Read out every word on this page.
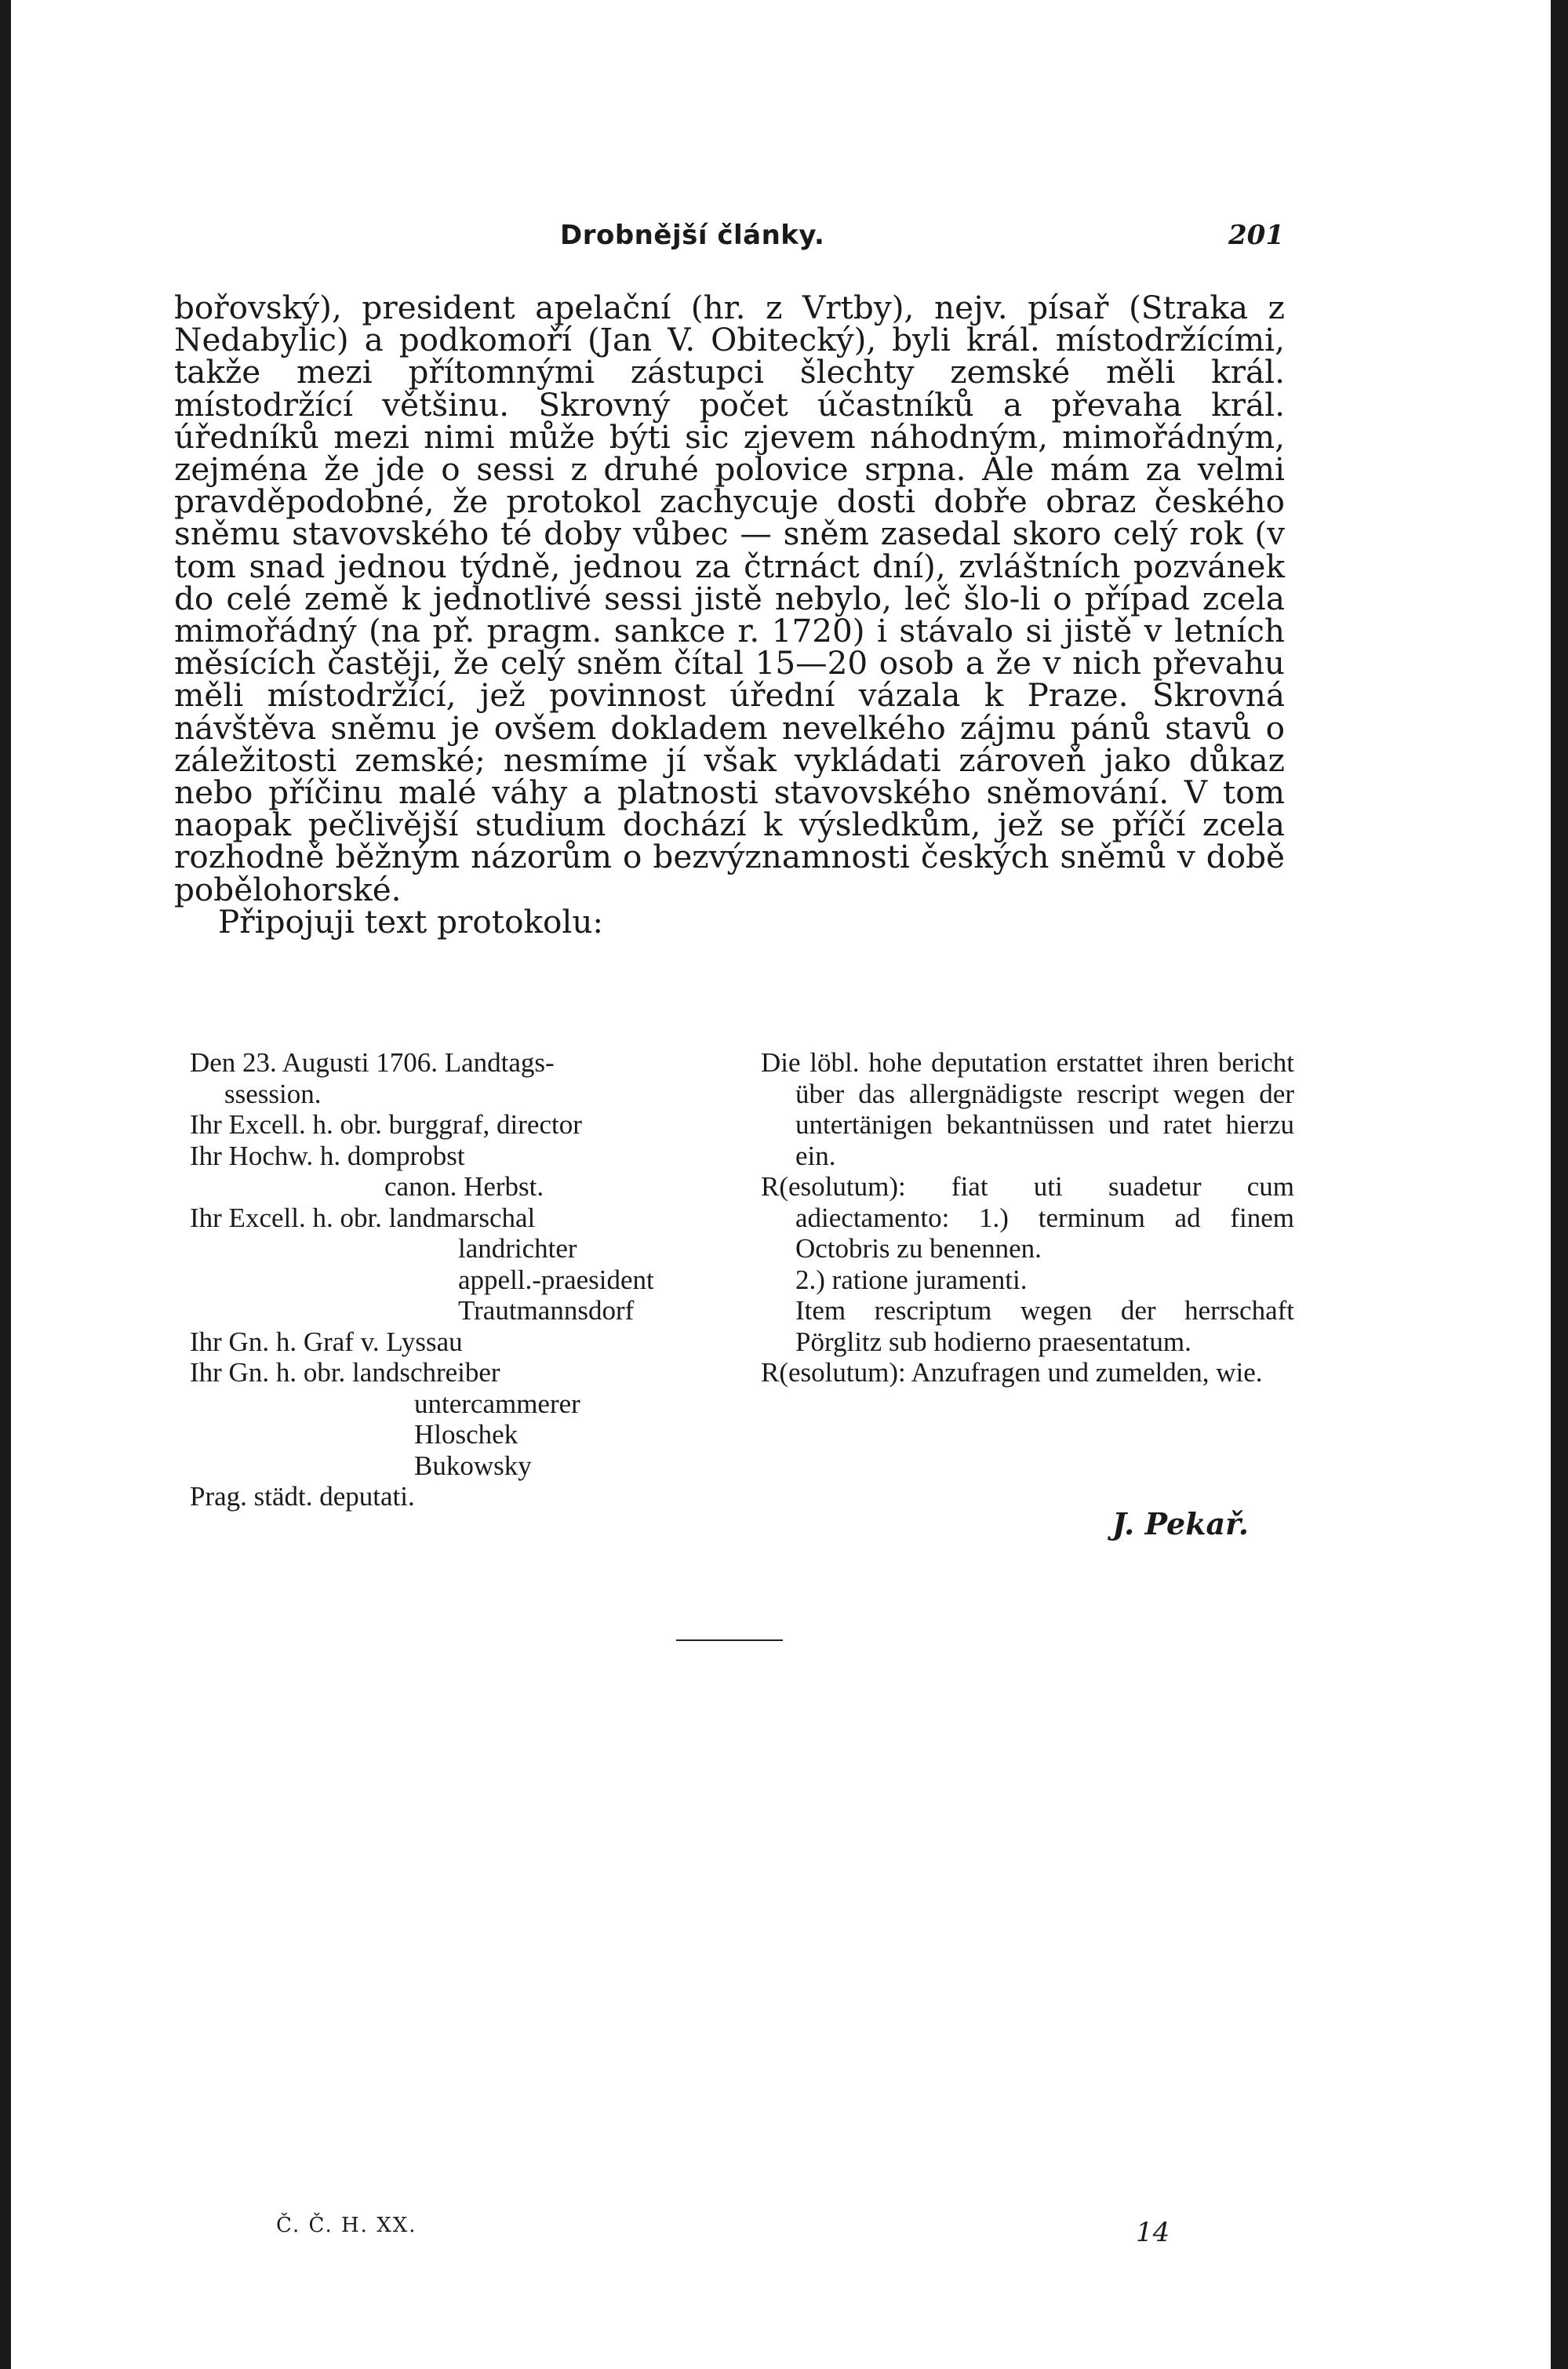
Drobnější články.	201

bořovský), president apelační (hr. z Vrtby), nejv. písař (Straka z Nedabylic) a podkomoří (Jan V. Obitecký), byli král. místodržícími, takže mezi přítomnými zástupci šlechty zemské měli král. místodržící většinu. Skrovný počet účastníků a převaha král. úředníků mezi nimi může býti sic zjevem náhodným, mimořádným, zejména že jde o sessi z druhé polovice srpna. Ale mám za velmi pravděpodobné, že protokol zachycuje dosti dobře obraz českého sněmu stavovského té doby vůbec — sněm zasedal skoro celý rok (v tom snad jednou týdně, jednou za čtrnáct dní), zvláštních pozvánek do celé země k jednotlivé sessi jistě nebylo, leč šlo-li o případ zcela mimořádný (na př. pragm. sankce r. 1720) i stávalo si jistě v letních měsících častěji, že celý sněm čítal 15—20 osob a že v nich převahu měli místodržící, jež povinnost úřední vázala k Praze. Skrovná návštěva sněmu je ovšem dokladem nevelkého zájmu pánů stavů o záležitosti zemské; nesmíme jí však vykládati zároveň jako důkaz nebo příčinu malé váhy a platnosti stavovského sněmování. V tom naopak pečlivější studium dochází k výsledkům, jež se příčí zcela rozhodně běžným názorům o bezvýznamnosti českých sněmů v době pobělohorské.

Připojuji text protokolu:

Den 23. Augusti 1706. Landtags-
ssession.
Ihr Excell. h. obr. burggraf, director
Ihr Hochw. h. domprobst
canon. Herbst.
Ihr Excell. h. obr. landmarschal
landrichter
appell.-praesident
Trautmannsdorf
Ihr Gn. h. Graf v. Lyssau
Ihr Gn. h. obr. landschreiber
untercammerer
Hloschek
Bukowsky
Prag. städt. deputati.
Die löbl. hohe deputation erstattet ihren bericht über das allergnädigste rescript wegen der untertänigen bekantnüssen und ratet hierzu ein.
R(esolutum): fiat uti suadetur cum adiectamento: 1.) terminum ad finem Octobris zu benennen.
2.) ratione juramenti.
Item rescriptum wegen der herrschaft Pörglitz sub hodierno praesentatum.
R(esolutum): Anzufragen und zumelden, wie.
J. Pekař.
Č. Č. H. XX.	14
